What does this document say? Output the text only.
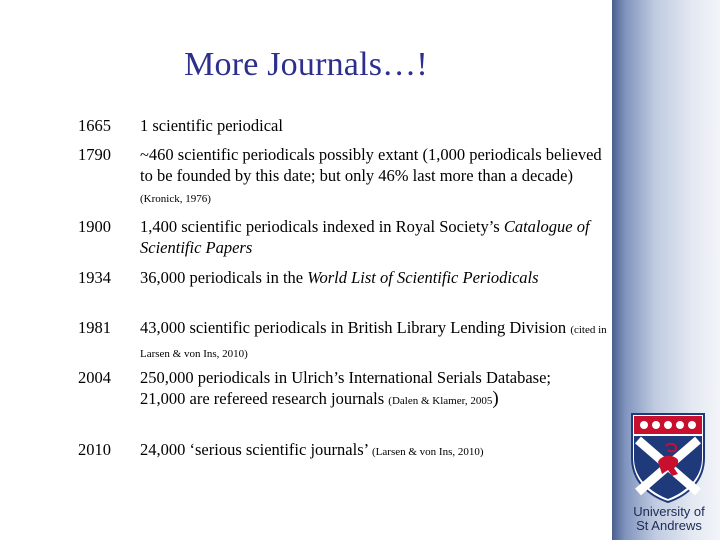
More Journals…!
1665	1 scientific periodical
1790	~460 scientific periodicals possibly extant (1,000 periodicals believed to be founded by this date; but only 46% last more than a decade) (Kronick, 1976)
1900	1,400 scientific periodicals indexed in Royal Society’s Catalogue of Scientific Papers
1934	36,000 periodicals in the World List of Scientific Periodicals
1981	43,000 scientific periodicals in British Library Lending Division (cited in Larsen & von Ins, 2010)
2004	250,000 periodicals in Ulrich’s International Serials Database;
21,000 are refereed research journals (Dalen & Klamer, 2005)
2010	24,000 ‘serious scientific journals’ (Larsen & von Ins, 2010)
University of
St Andrews
